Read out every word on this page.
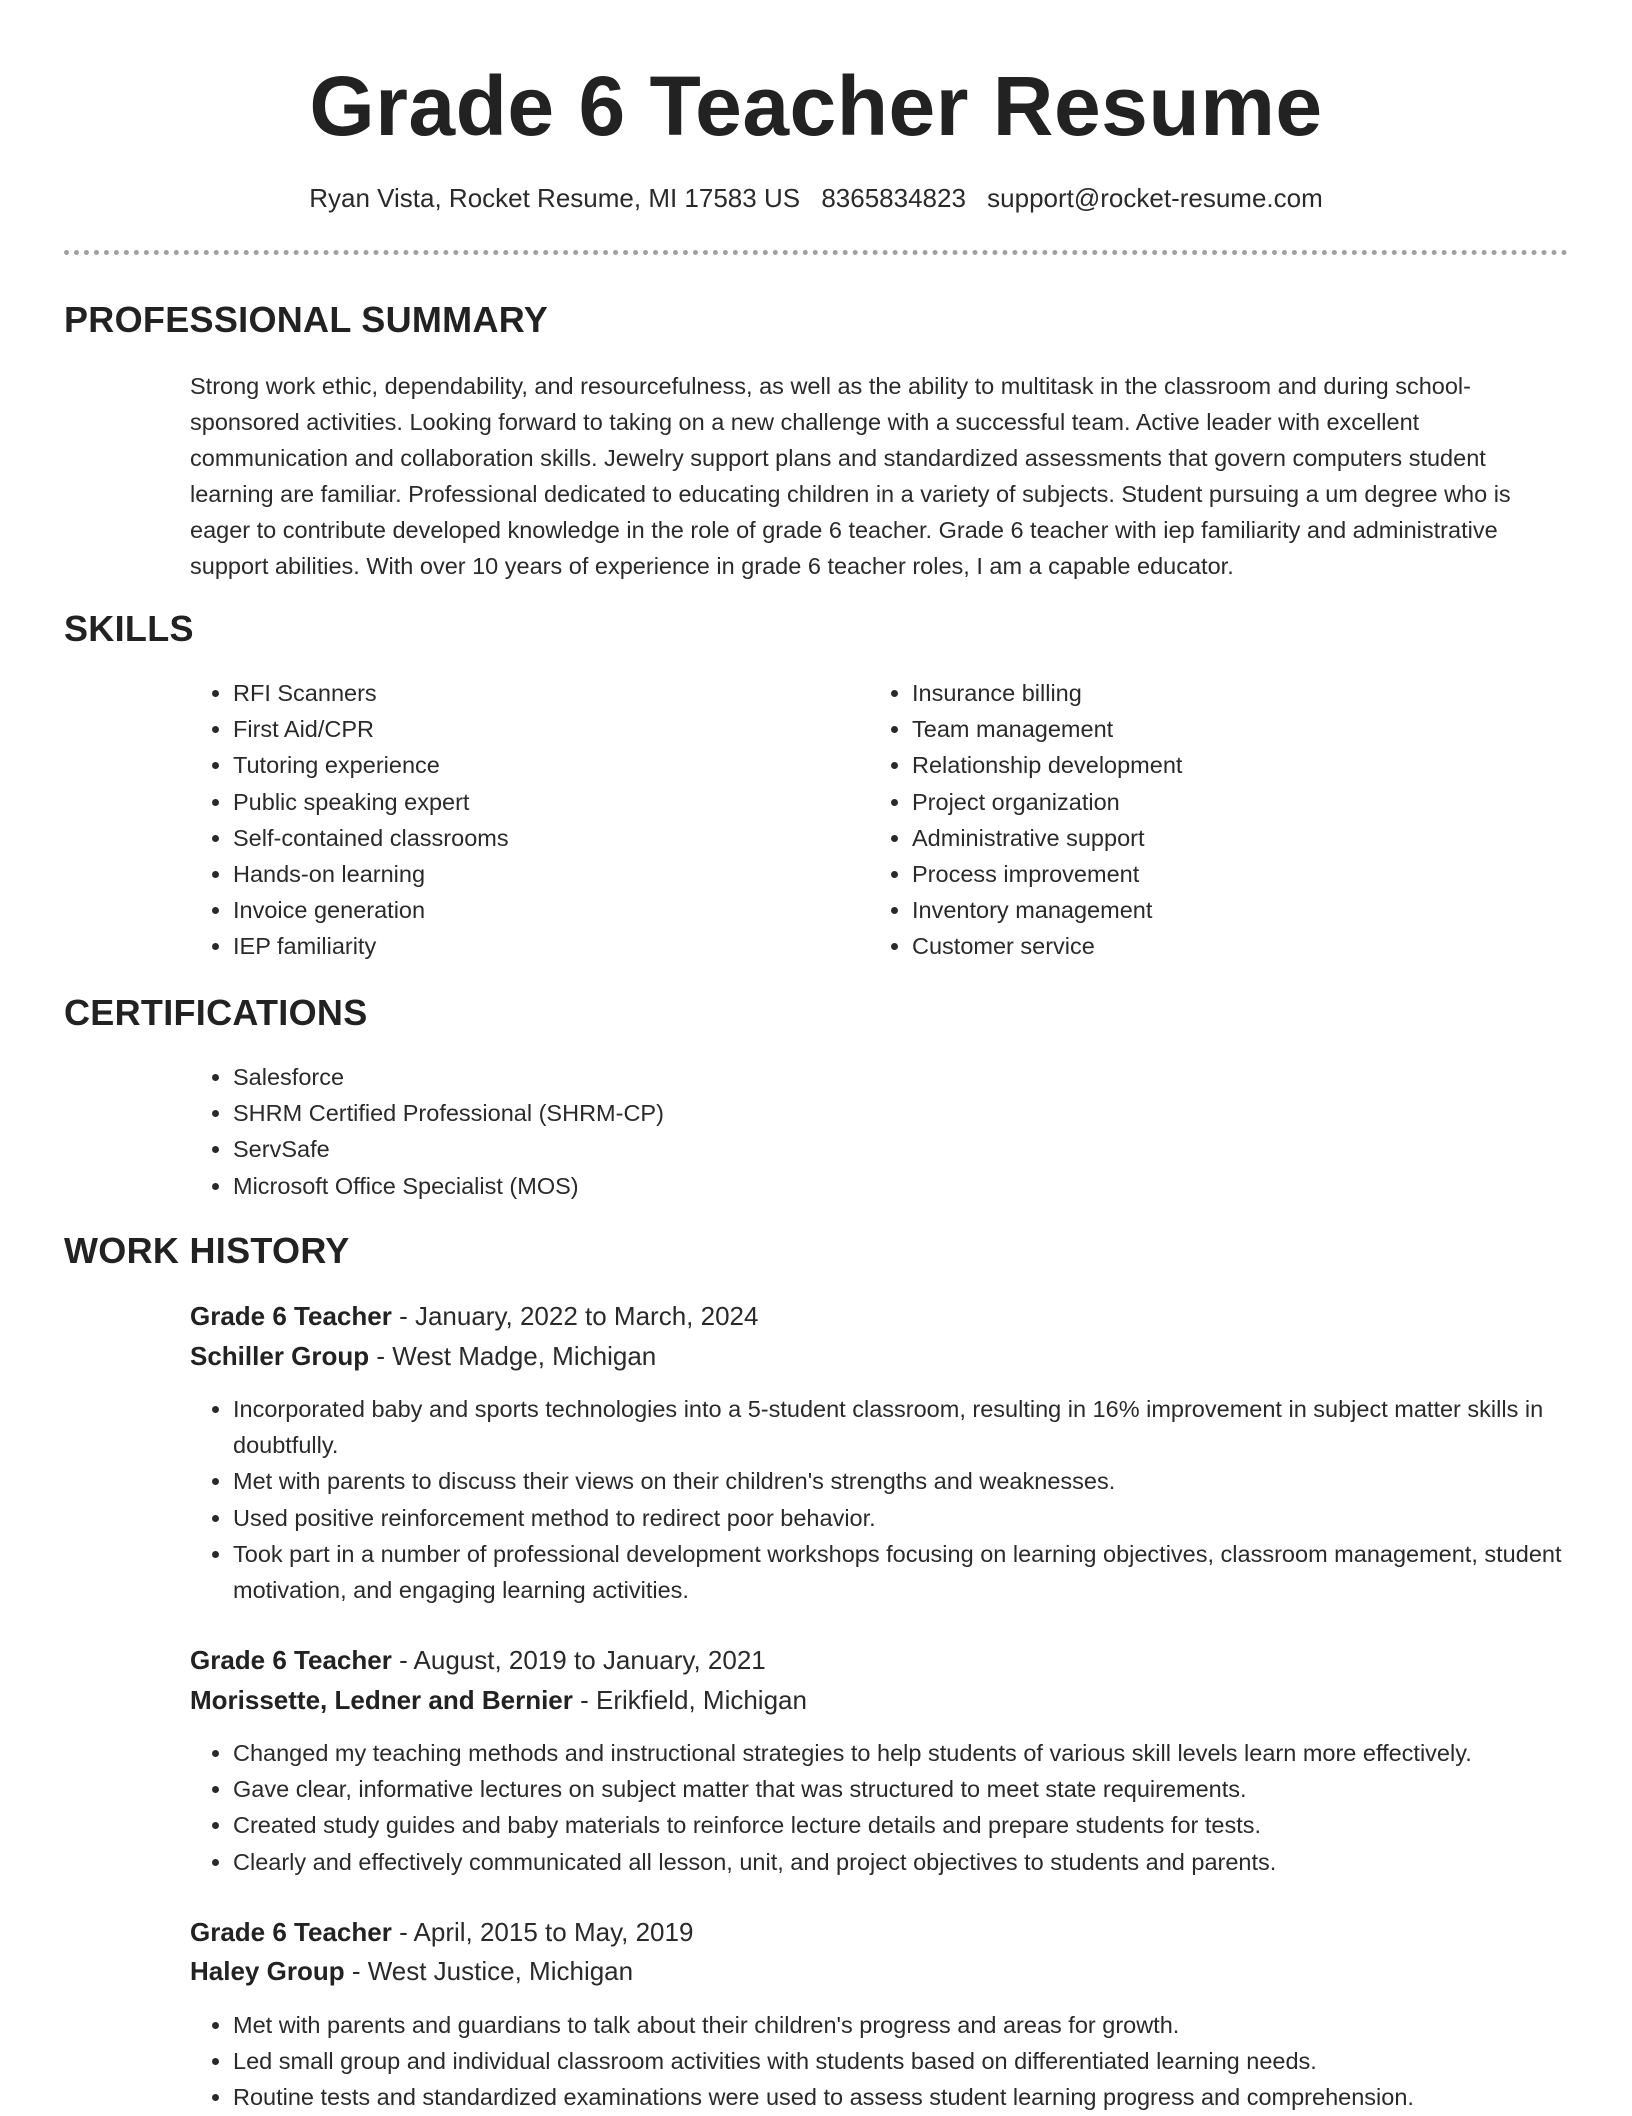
Grade 6 Teacher Resume
Ryan Vista, Rocket Resume, MI 17583 US 8365834823 support@rocket-resume.com
PROFESSIONAL SUMMARY

Strong work ethic, dependability, and resourcefulness, as well as the ability to multitask in the classroom and during school-sponsored activities. Looking forward to taking on a new challenge with a successful team. Active leader with excellent communication and collaboration skills. Jewelry support plans and standardized assessments that govern computers student learning are familiar. Professional dedicated to educating children in a variety of subjects. Student pursuing a um degree who is eager to contribute developed knowledge in the role of grade 6 teacher. Grade 6 teacher with iep familiarity and administrative support abilities. With over 10 years of experience in grade 6 teacher roles, I am a capable educator.

SKILLS
• RFI Scanners
• First Aid/CPR
• Tutoring experience
• Public speaking expert
• Self-contained classrooms
• Hands-on learning
• Invoice generation
• IEP familiarity
• Insurance billing
• Team management
• Relationship development
• Project organization
• Administrative support
• Process improvement
• Inventory management
• Customer service
CERTIFICATIONS
• Salesforce
• SHRM Certified Professional (SHRM-CP)
• ServSafe
• Microsoft Office Specialist (MOS)
WORK HISTORY
Grade 6 Teacher - January, 2022 to March, 2024
Schiller Group - West Madge, Michigan
• Incorporated baby and sports technologies into a 5-student classroom, resulting in 16% improvement in subject matter skills in doubtfully.
• Met with parents to discuss their views on their children's strengths and weaknesses.
• Used positive reinforcement method to redirect poor behavior.
• Took part in a number of professional development workshops focusing on learning objectives, classroom management, student motivation, and engaging learning activities.
Grade 6 Teacher - August, 2019 to January, 2021
Morissette, Ledner and Bernier - Erikfield, Michigan
• Changed my teaching methods and instructional strategies to help students of various skill levels learn more effectively.
• Gave clear, informative lectures on subject matter that was structured to meet state requirements.
• Created study guides and baby materials to reinforce lecture details and prepare students for tests.
• Clearly and effectively communicated all lesson, unit, and project objectives to students and parents.
Grade 6 Teacher - April, 2015 to May, 2019
Haley Group - West Justice, Michigan
• Met with parents and guardians to talk about their children's progress and areas for growth.
• Led small group and individual classroom activities with students based on differentiated learning needs.
• Routine tests and standardized examinations were used to assess student learning progress and comprehension.
